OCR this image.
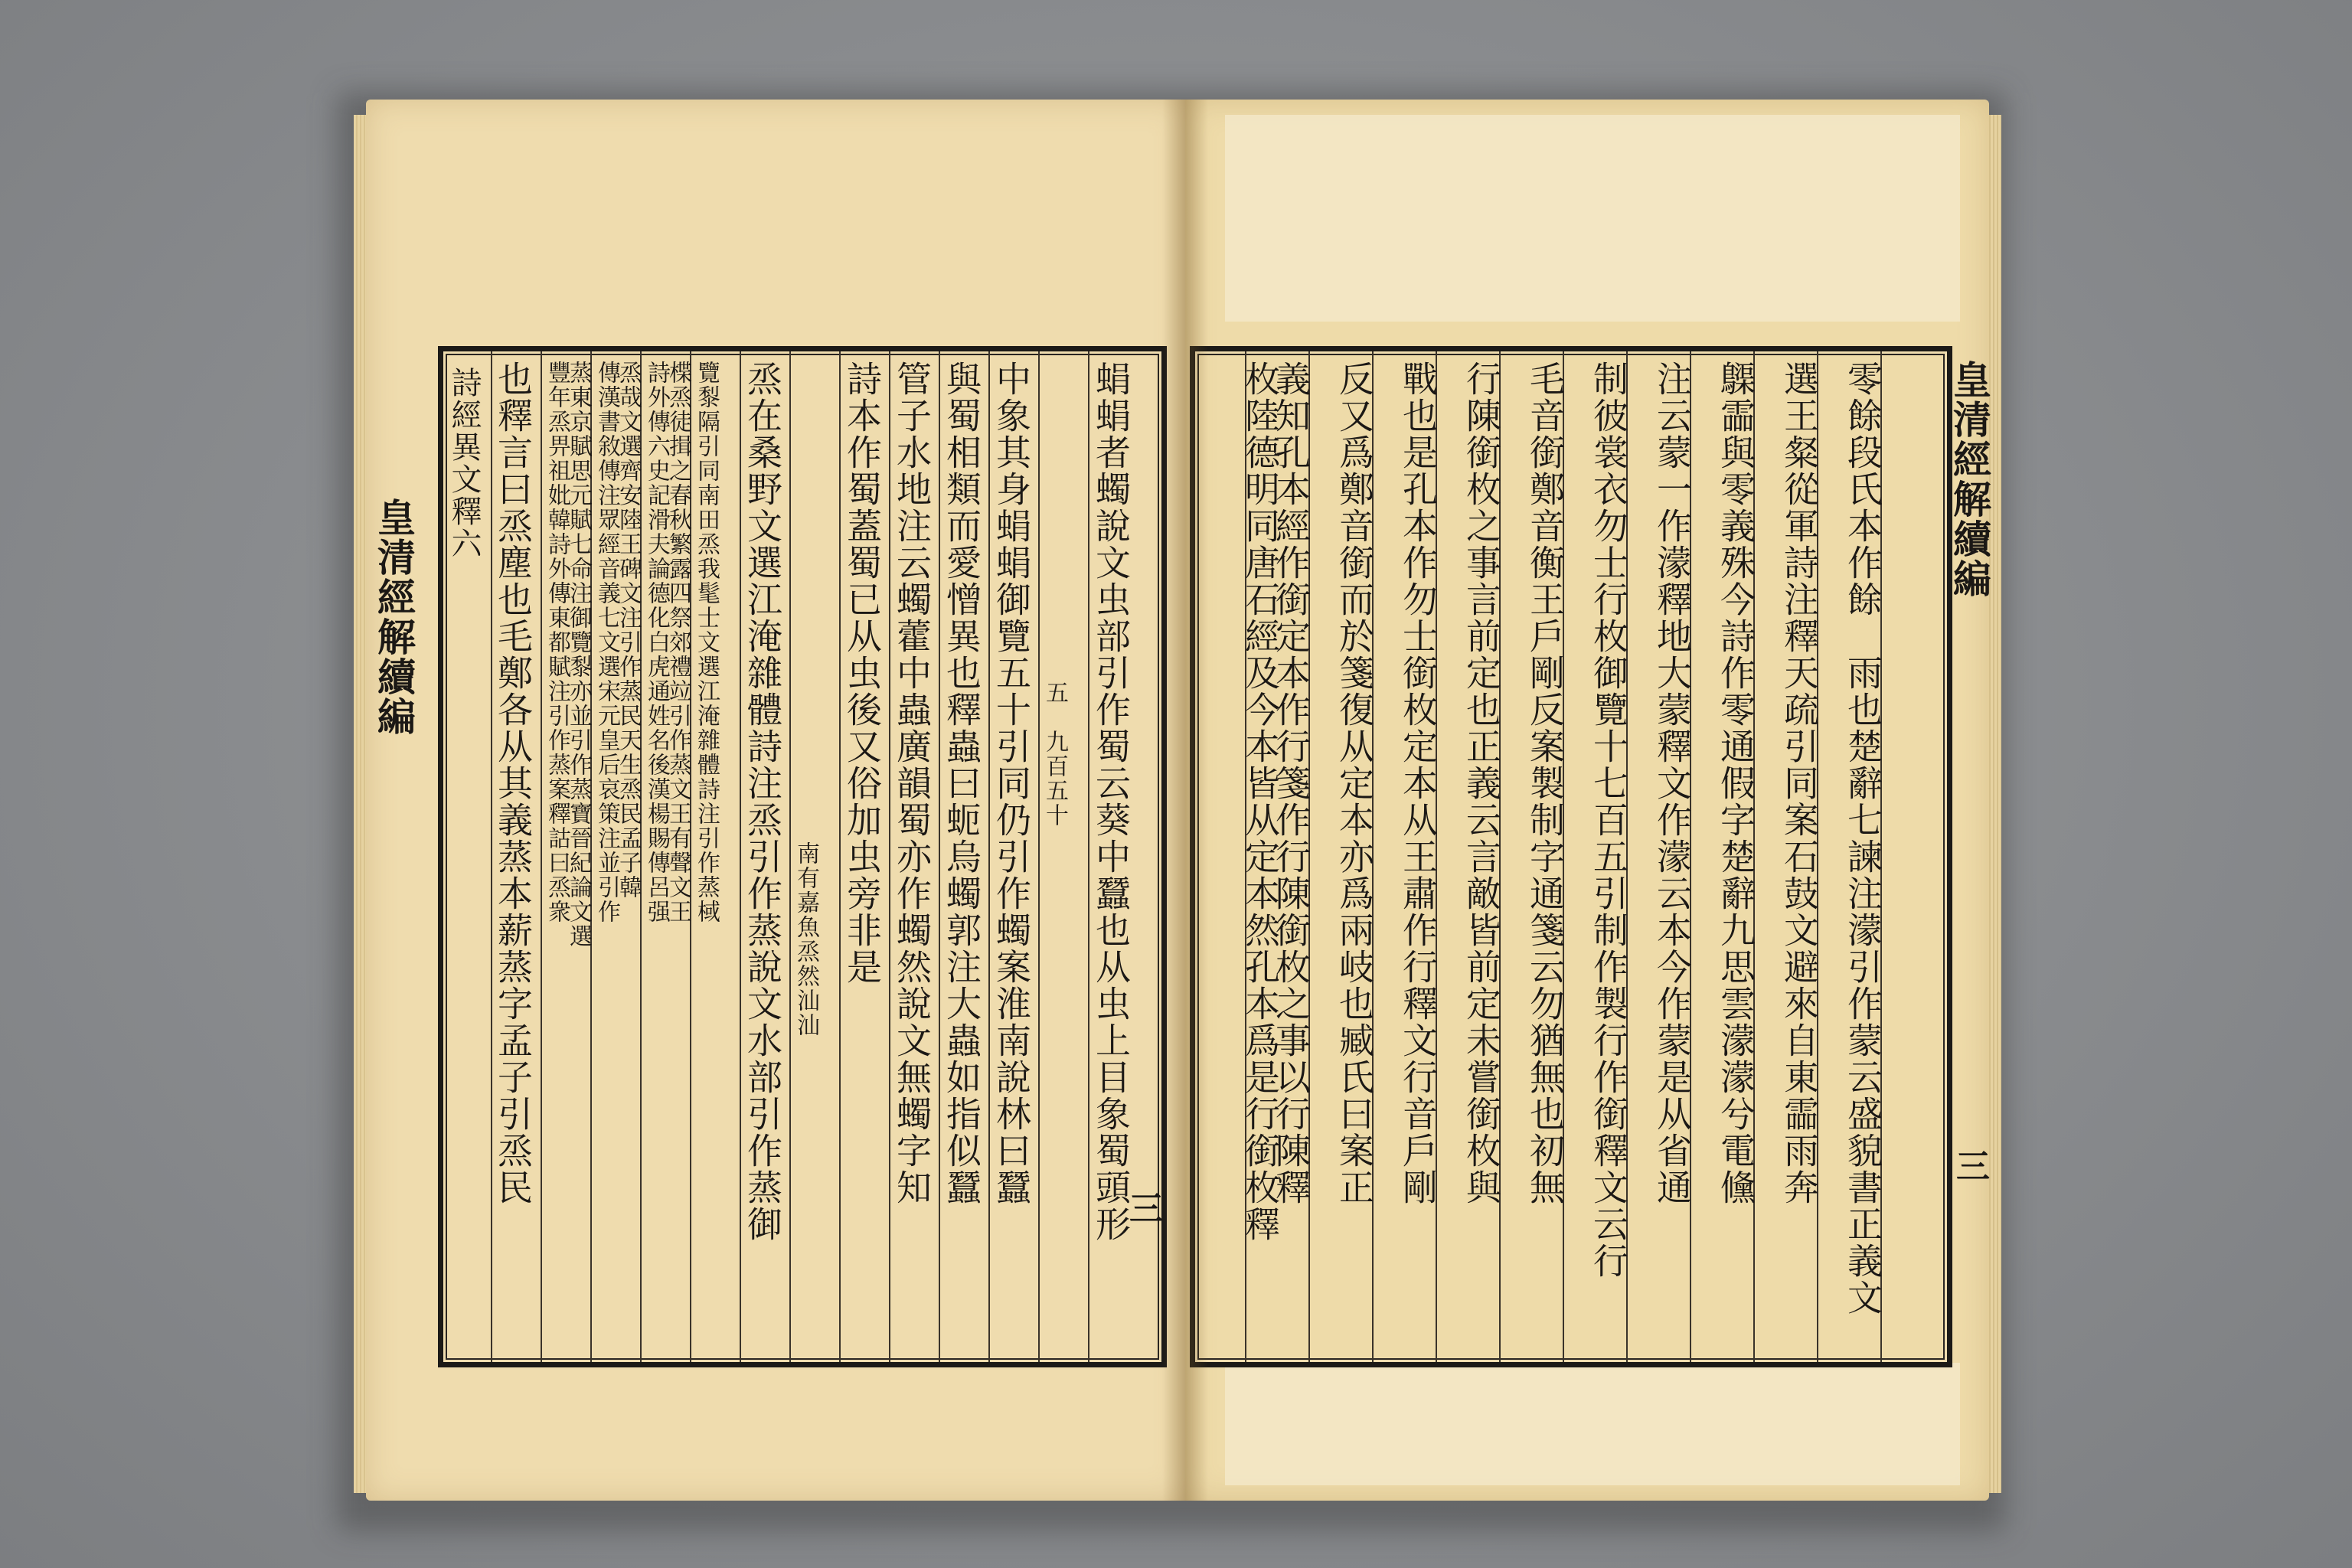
皇清經解續編
詩經異文釋六 也釋言曰烝塵也毛鄭各从其義蒸本薪蒸字孟子引烝民 豐年烝畀祖妣韓詩外傳東都賦注引作蒸案釋詁曰烝衆
蒸東京賦思元賦七命注御覽𪏭亦並引作蒸寶晉紀論文選 傳漢書敘傳注眾經音義七文選宋元皇后哀策注並引作
烝哉文選齊安陸王碑文注引作蒸民天生烝民孟子韓 詩外傳六史記滑夫論德化白虎通姓名後漢楊賜傳呂强
楪烝徒揖之春秋繁露四祭郊禮竝引作蒸文王有聲文王 覽𪏭隔引同南田烝我髦士文選江淹雜體詩注引作蒸棫 烝在桑野文選江淹雜體詩注烝引作蒸說文水部引作蒸御 詩本作蜀蓋蜀已从虫後又俗加虫旁非是 管子水地注云蠋藿中蟲廣韻蜀亦作蠋然說文無蠋字知 與蜀相類而愛憎異也釋蟲曰蚅烏蠋郭注大蟲如指似蠶 中象其身蜎蜎御覽五十引同仍引作蠋案淮南說林曰蠶 蜎蜎者蠋說文虫部引作蜀云葵中蠶也从虫上目象蜀頭形
南有嘉魚烝然汕汕
五　九百五十
三 枚陸德明同唐石經及今本皆从定本然孔本爲是行銜枚釋
義知孔本經作銜定本作行箋作行陳銜枚之事以行陳釋 反又爲鄭音銜而於箋復从定本亦爲兩岐也臧氏曰案正 戰也是孔本作勿士銜枚定本从王肅作行釋文行音戶剛 行陳銜枚之事言前定也正義云言敵皆前定未嘗銜枚與 毛音銜鄭音衡王戶剛反案製制字通箋云勿猶無也初無 制彼裳衣勿士行枚御覽十七百五引制作製行作銜釋文云行 注云蒙一作濛釋地大蒙釋文作濛云本今作蒙是从省通 𪆫霝與零義殊今詩作零通假字楚辭九思雲濛濛兮電儵 選王粲從軍詩注釋天疏引同案石鼓文避來自東霝雨奔 零餘段氏本作餘　雨也楚辭七諫注濛引作蒙云盛貌書正義文 皇清經解續編
三
